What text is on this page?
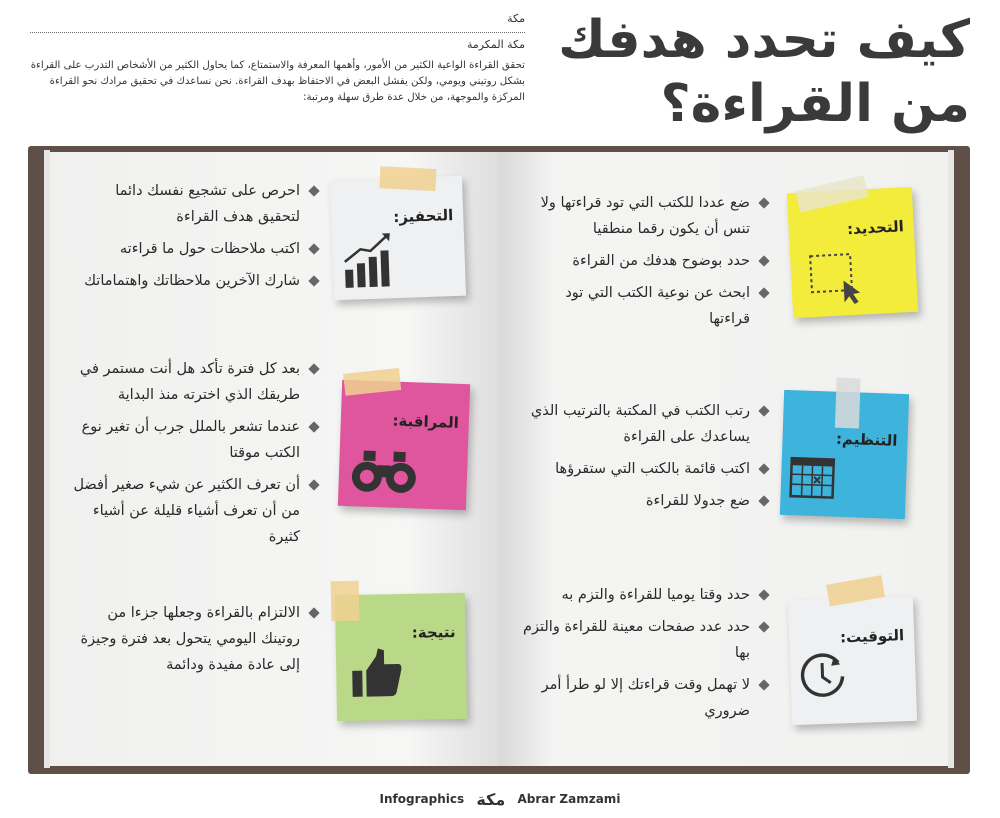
كيف تحدد هدفك من القراءة؟
مكة
مكة المكرمة
تحقق القراءة الواعية الكثير من الأمور، وأهمها المعرفة والاستمتاع، كما يحاول الكثير من الأشخاص التدرب على القراءة بشكل روتيني ويومي، ولكن يفشل البعض في الاحتفاظ بهدف القراءة. نحن نساعدك في تحقيق مرادك نحو القراءة المركزة والموجهة، من خلال عدة طرق سهلة ومرتبة:
التحديد:
ضع عددا للكتب التي تود قراءتها ولا تنس أن يكون رقما منطقيا
حدد بوضوح هدفك من القراءة
ابحث عن نوعية الكتب التي تود قراءتها
التنظيم:
رتب الكتب في المكتبة بالترتيب الذي يساعدك على القراءة
اكتب قائمة بالكتب التي ستقرؤها
ضع جدولا للقراءة
التوقيت:
حدد وقتا يوميا للقراءة والتزم به
حدد عدد صفحات معينة للقراءة والتزم بها
لا تهمل وقت قراءتك إلا لو طرأ أمر ضروري
التحفيز:
احرص على تشجيع نفسك دائما لتحقيق هدف القراءة
اكتب ملاحظات حول ما قراءته
شارك الآخرين ملاحظاتك واهتماماتك
المراقبة:
بعد كل فترة تأكد هل أنت مستمر في طريقك الذي اخترته منذ البداية
عندما تشعر بالملل جرب أن تغير نوع الكتب موقتا
أن تعرف الكثير عن شيء صغير أفضل من أن تعرف أشياء قليلة عن أشياء كثيرة
نتيجة:
الالتزام بالقراءة وجعلها جزءا من روتينك اليومي يتحول بعد فترة وجيزة إلى عادة مفيدة ودائمة
Infographics مكة Abrar Zamzami
